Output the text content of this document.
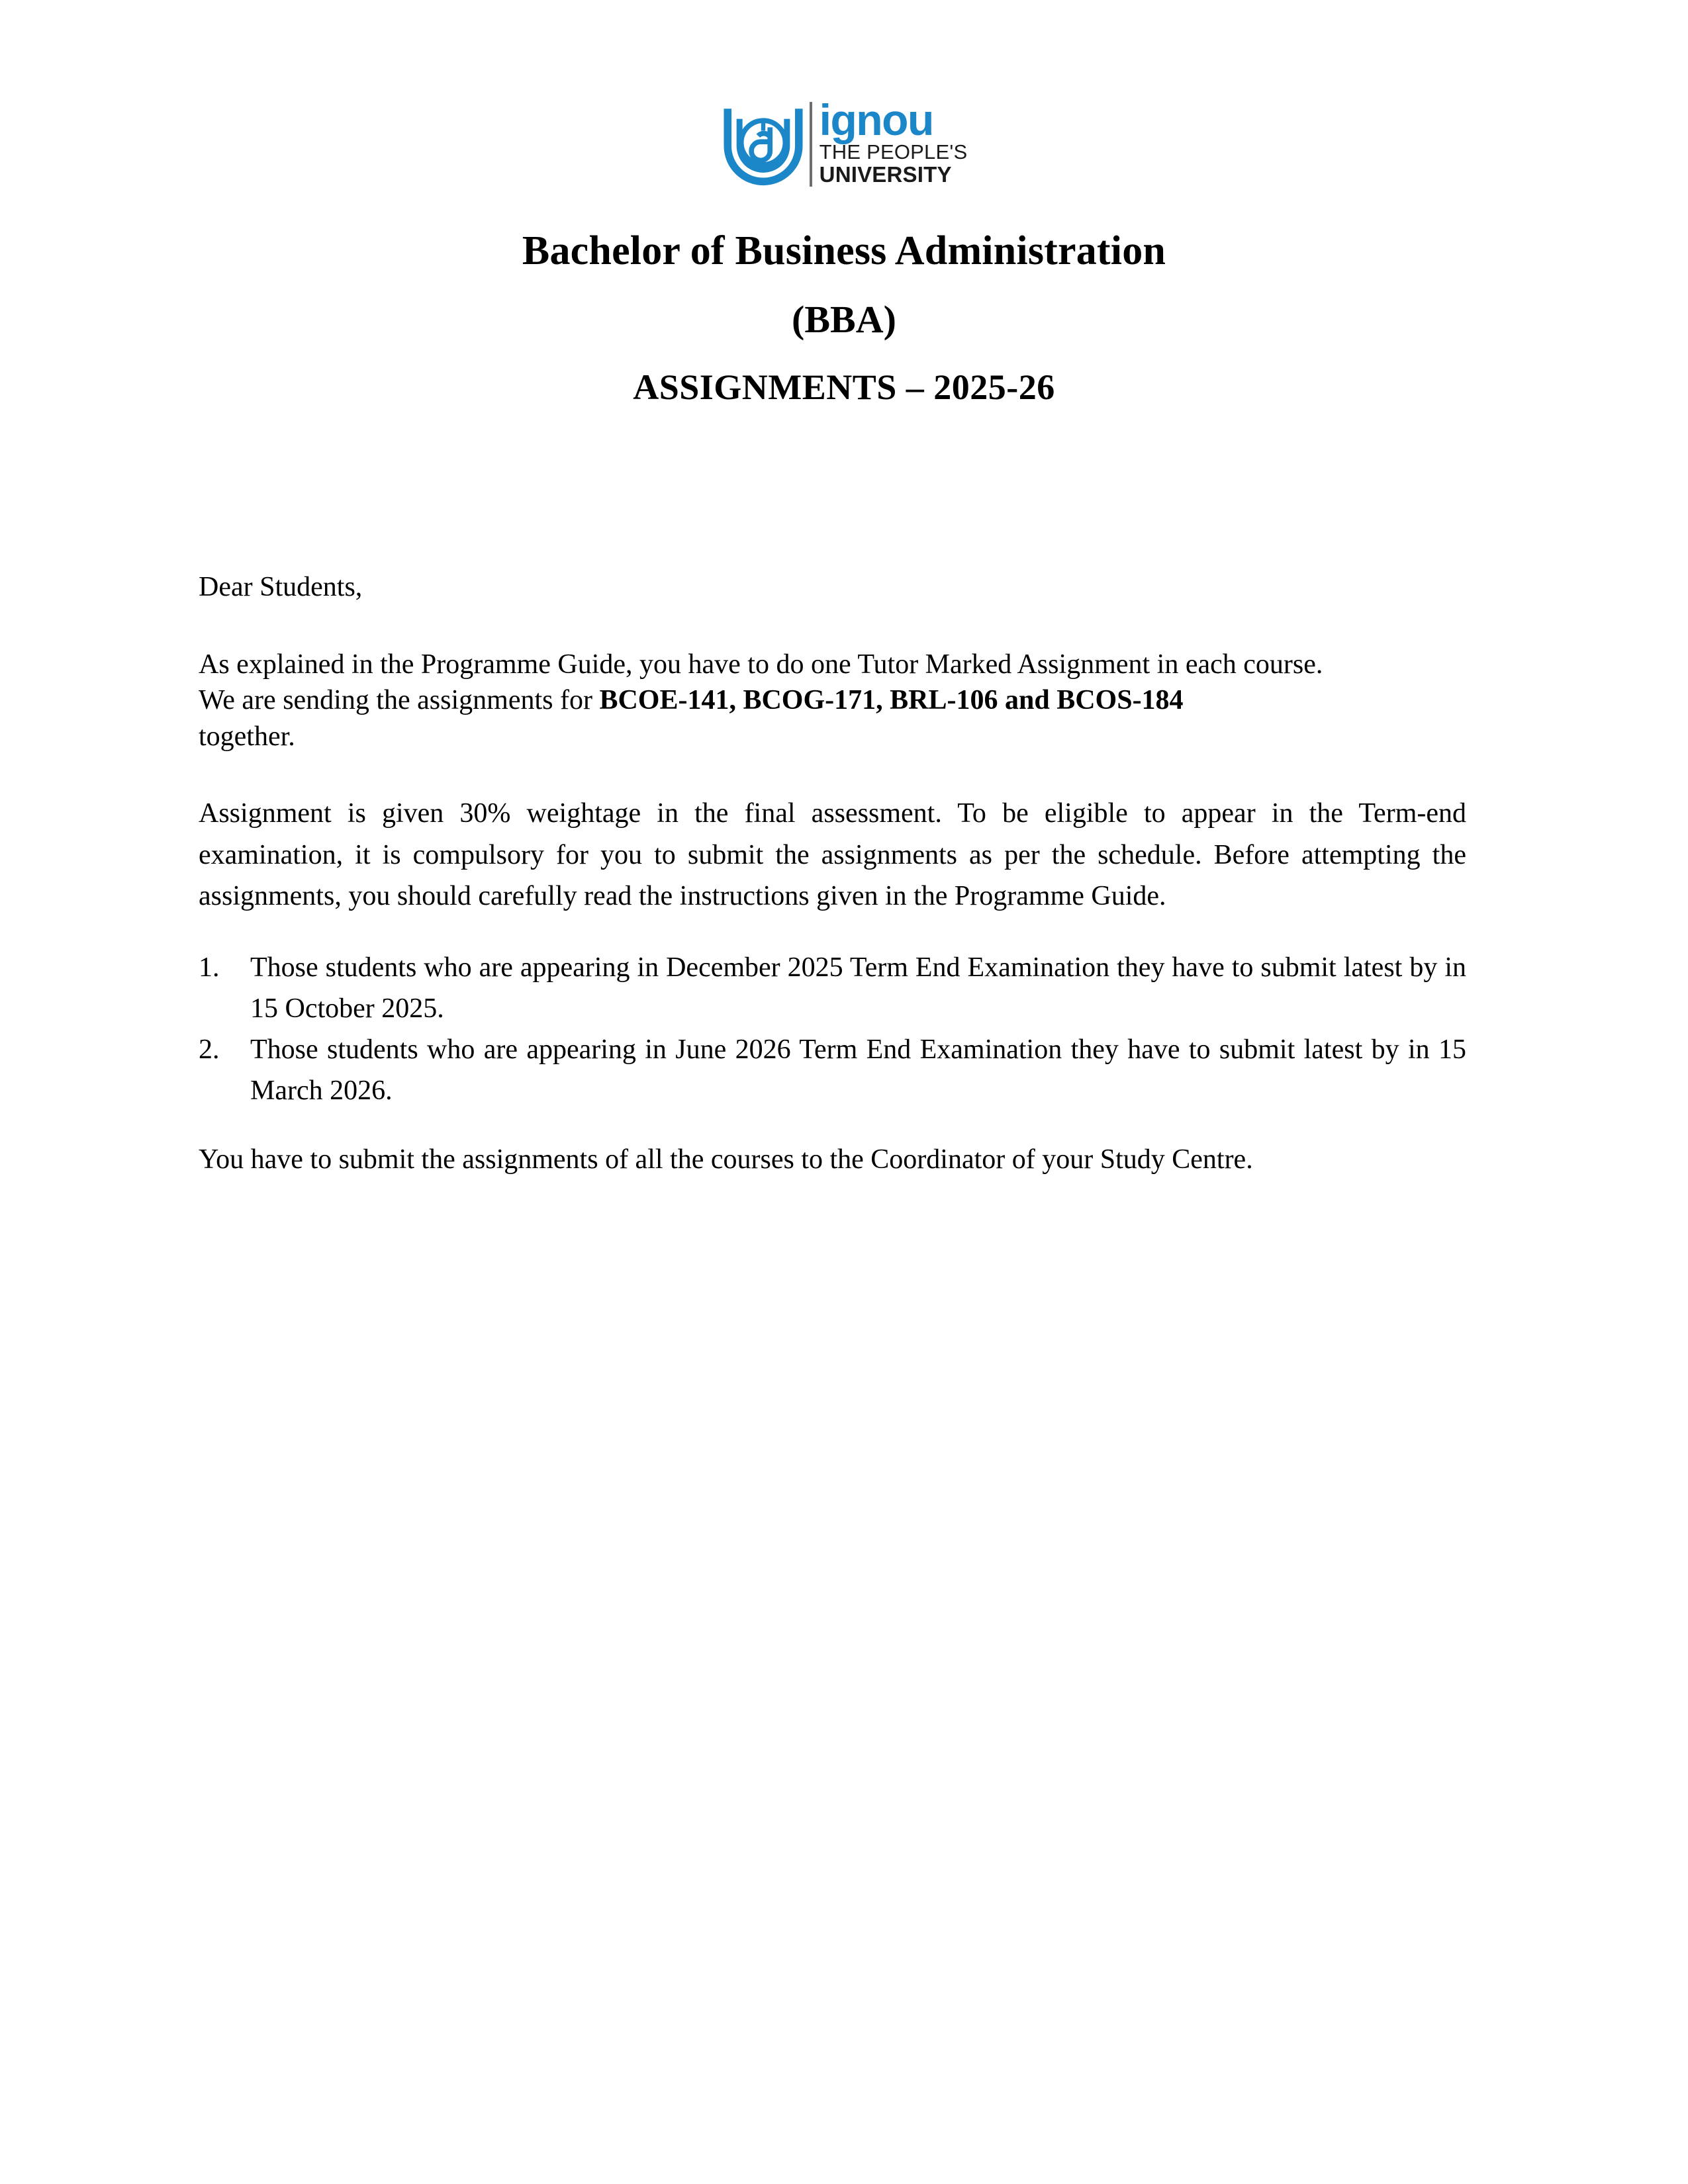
ignou
THE PEOPLE'S
UNIVERSITY
Bachelor of Business Administration
(BBA)
ASSIGNMENTS – 2025-26

Dear Students,

As explained in the Programme Guide, you have to do one Tutor Marked Assignment in each course.
We are sending the assignments for BCOE-141, BCOG-171, BRL-106 and BCOS-184
together.

Assignment is given 30% weightage in the final assessment. To be eligible to appear in the Term-end examination, it is compulsory for you to submit the assignments as per the schedule. Before attempting the assignments, you should carefully read the instructions given in the Programme Guide.

Those students who are appearing in December 2025 Term End Examination they have to submit latest by in 15 October 2025.
Those students who are appearing in June 2026 Term End Examination they have to submit latest by in 15 March 2026.

You have to submit the assignments of all the courses to the Coordinator of your Study Centre.
